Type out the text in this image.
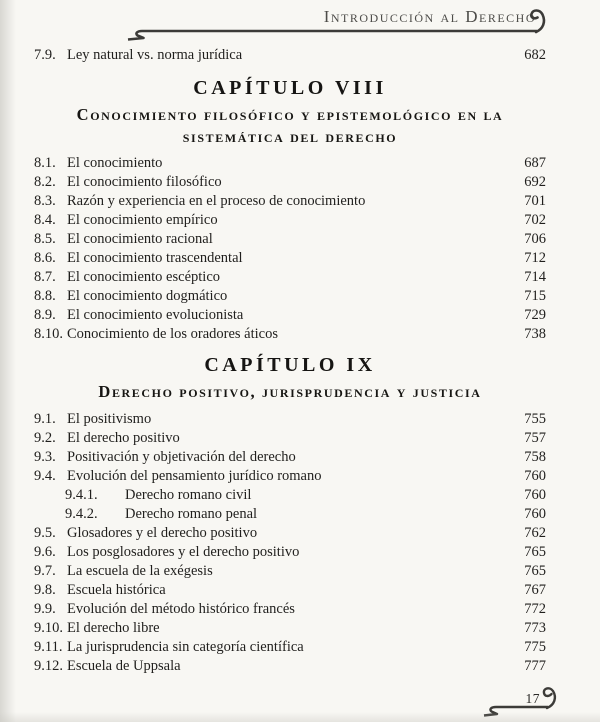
Introducción al Derecho
7.9. Ley natural vs. norma jurídica	682
CAPÍTULO VIII
Conocimiento filosófico y epistemológico en la
sistemática del derecho
8.1. El conocimiento	687
8.2. El conocimiento filosófico	692
8.3. Razón y experiencia en el proceso de conocimiento	701
8.4. El conocimiento empírico	702
8.5. El conocimiento racional	706
8.6. El conocimiento trascendental	712
8.7. El conocimiento escéptico	714
8.8. El conocimiento dogmático	715
8.9. El conocimiento evolucionista	729
8.10. Conocimiento de los oradores áticos	738
CAPÍTULO IX
Derecho positivo, jurisprudencia y justicia
9.1. El positivismo	755
9.2. El derecho positivo	757
9.3. Positivación y objetivación del derecho	758
9.4. Evolución del pensamiento jurídico romano	760
9.4.1.	Derecho romano civil	760
9.4.2.	Derecho romano penal	760
9.5. Glosadores y el derecho positivo	762
9.6. Los posglosadores y el derecho positivo	765
9.7. La escuela de la exégesis	765
9.8. Escuela histórica	767
9.9. Evolución del método histórico francés	772
9.10. El derecho libre	773
9.11. La jurisprudencia sin categoría científica	775
9.12. Escuela de Uppsala	777
17
